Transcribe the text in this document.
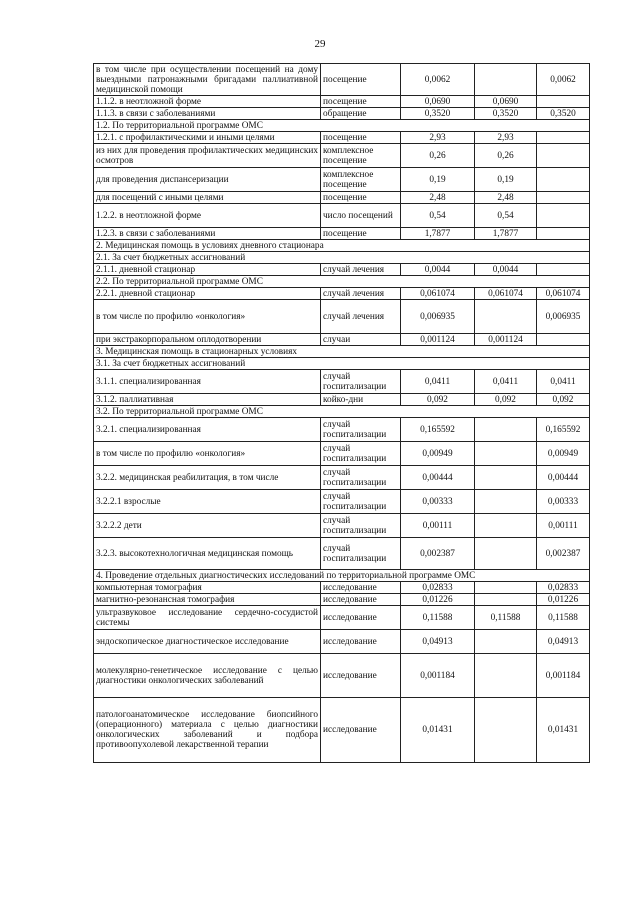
29
в том числе при осуществлении посещений на дому выездными патронажными бригадами паллиативной медицинской помощи	посещение	0,0062		0,0062
1.1.2. в неотложной форме	посещение	0,0690	0,0690	
1.1.3. в связи с заболеваниями	обращение	0,3520	0,3520	0,3520
1.2. По территориальной программе ОМС				
1.2.1. с профилактическими и иными целями	посещение	2,93	2,93	
из них для проведения профилактических медицинских осмотров	комплексное посещение	0,26	0,26	
для проведения диспансеризации	комплексное посещение	0,19	0,19	
для посещений с иными целями	посещение	2,48	2,48	
1.2.2. в неотложной форме	число посещений	0,54	0,54	
1.2.3. в связи с заболеваниями	посещение	1,7877	1,7877	
2. Медицинская помощь в условиях дневного стационара				
2.1. За счет бюджетных ассигнований				
2.1.1. дневной стационар	случай лечения	0,0044	0,0044	
2.2. По территориальной программе ОМС				
2.2.1. дневной стационар	случай лечения	0,061074	0,061074	0,061074
в том числе по профилю «онкология»	случай лечения	0,006935		0,006935
при экстракорпоральном оплодотворении	случаи	0,001124	0,001124	
3. Медицинская помощь в стационарных условиях				
3.1. За счет бюджетных ассигнований				
3.1.1. специализированная	случай госпитализации	0,0411	0,0411	0,0411
3.1.2. паллиативная	койко-дни	0,092	0,092	0,092
3.2. По территориальной программе ОМС				
3.2.1. специализированная	случай госпитализации	0,165592		0,165592
в том числе по профилю «онкология»	случай госпитализации	0,00949		0,00949
3.2.2. медицинская реабилитация, в том числе	случай госпитализации	0,00444		0,00444
3.2.2.1 взрослые	случай госпитализации	0,00333		0,00333
3.2.2.2 дети	случай госпитализации	0,00111		0,00111
3.2.3. высокотехнологичная медицинская помощь	случай госпитализации	0,002387		0,002387
4. Проведение отдельных диагностических исследований по территориальной программе ОМС				
компьютерная томография	исследование	0,02833		0,02833
магнитно-резонансная томография	исследование	0,01226		0,01226
ультразвуковое исследование сердечно-сосудистой системы	исследование	0,11588	0,11588	0,11588
эндоскопическое диагностическое исследование	исследование	0,04913		0,04913
молекулярно-генетическое исследование с целью диагностики онкологических заболеваний	исследование	0,001184		0,001184
патологоанатомическое исследование биопсийного (операционного) материала с целью диагностики онкологических заболеваний и подбора противоопухолевой лекарственной терапии	исследование	0,01431		0,01431
